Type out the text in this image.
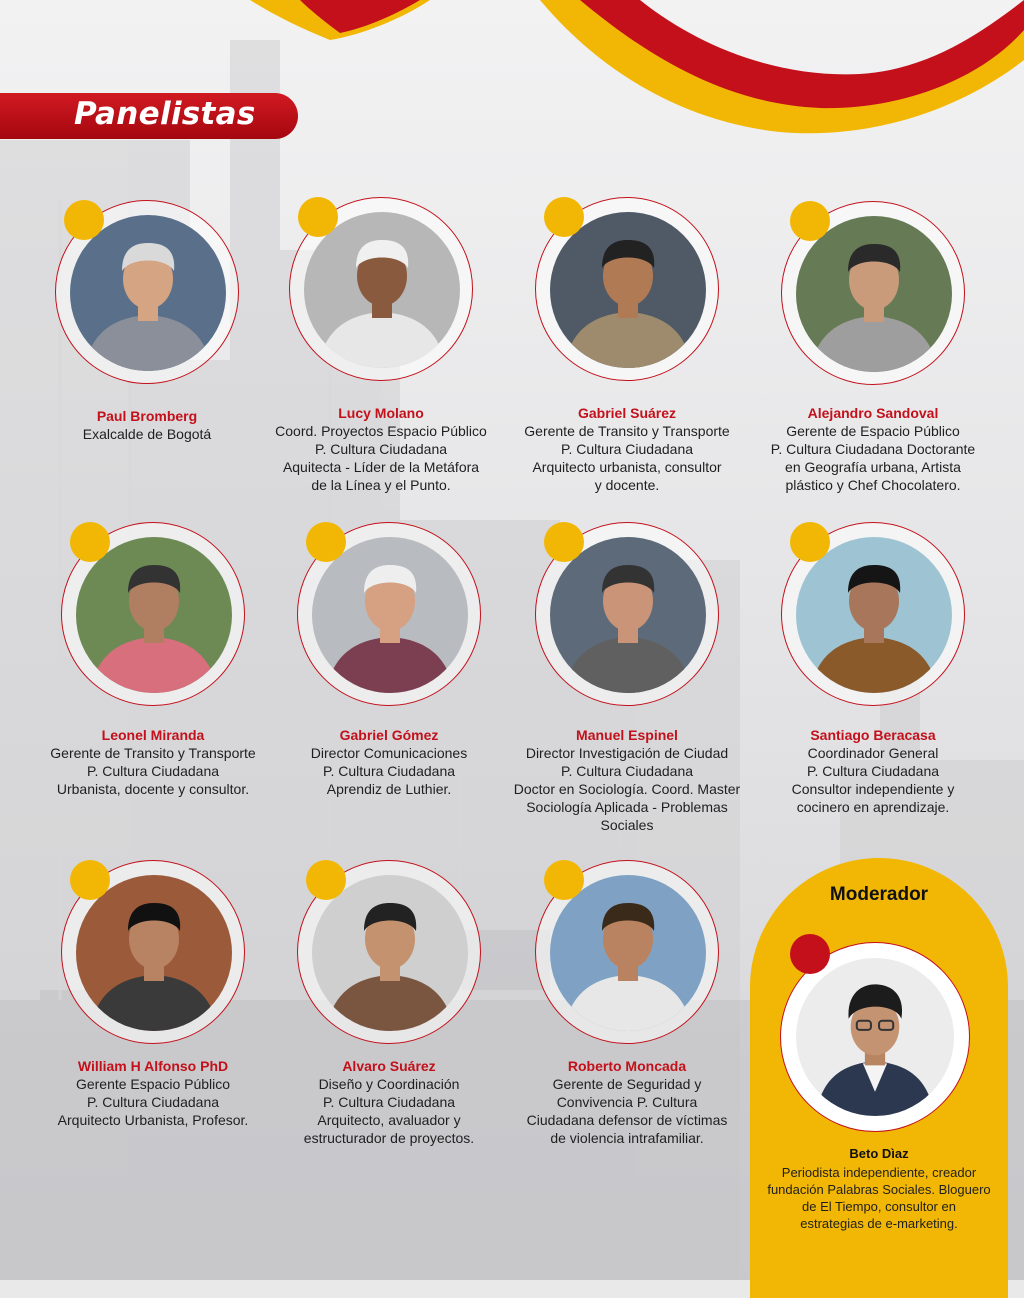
Panelistas
Paul Bromberg
Exalcalde de Bogotá
Lucy Molano
Coord. Proyectos Espacio Público
P. Cultura Ciudadana
Aquitecta - Líder de la Metáfora
de la Línea y el Punto.
Gabriel Suárez
Gerente de Transito y Transporte
P. Cultura Ciudadana
Arquitecto urbanista, consultor
y docente.
Alejandro Sandoval
Gerente de Espacio Público
P. Cultura Ciudadana Doctorante
en Geografía urbana, Artista
plástico y Chef Chocolatero.
Leonel Miranda
Gerente de Transito y Transporte
P. Cultura Ciudadana
Urbanista, docente y consultor.
Gabriel Gómez
Director Comunicaciones
P. Cultura Ciudadana
Aprendiz de Luthier.
Manuel Espinel
Director Investigación de Ciudad
P. Cultura Ciudadana
Doctor en Sociología. Coord. Master
Sociología Aplicada - Problemas
Sociales
Santiago Beracasa
Coordinador General
P. Cultura Ciudadana
Consultor independiente y
cocinero en aprendizaje.
William H Alfonso PhD
Gerente Espacio Público
P. Cultura Ciudadana
Arquitecto Urbanista, Profesor.
Alvaro Suárez
Diseño y Coordinación
P. Cultura Ciudadana
Arquitecto, avaluador y
estructurador de proyectos.
Roberto Moncada
Gerente de Seguridad y
Convivencia P. Cultura
Ciudadana defensor de víctimas
de violencia intrafamiliar.
Moderador
Beto Dìaz
Periodista independiente, creador
fundación Palabras Sociales. Bloguero
de El Tiempo, consultor en
estrategias de e-marketing.
